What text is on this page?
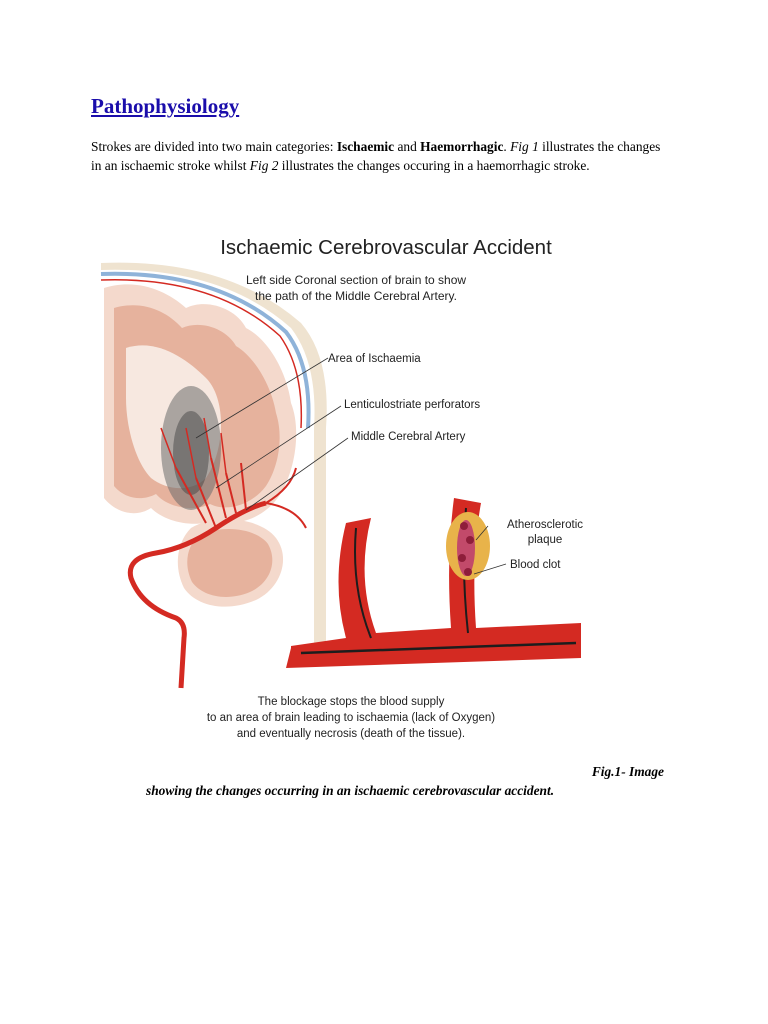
Pathophysiology
Strokes are divided into two main categories: Ischaemic and Haemorrhagic. Fig 1 illustrates the changes in an ischaemic stroke whilst Fig 2 illustrates the changes occuring in a haemorrhagic stroke.
Ischaemic Cerebrovascular Accident
Left side Coronal section of brain to show
the path of the Middle Cerebral Artery.
Area of Ischaemia
Lenticulostriate perforators
Middle Cerebral Artery
Atherosclerotic
plaque
Blood clot
The blockage stops the blood supply
to an area of brain leading to ischaemia (lack of Oxygen)
and eventually necrosis (death of the tissue).
Fig.1- Image
showing the changes occurring in an ischaemic cerebrovascular accident.
